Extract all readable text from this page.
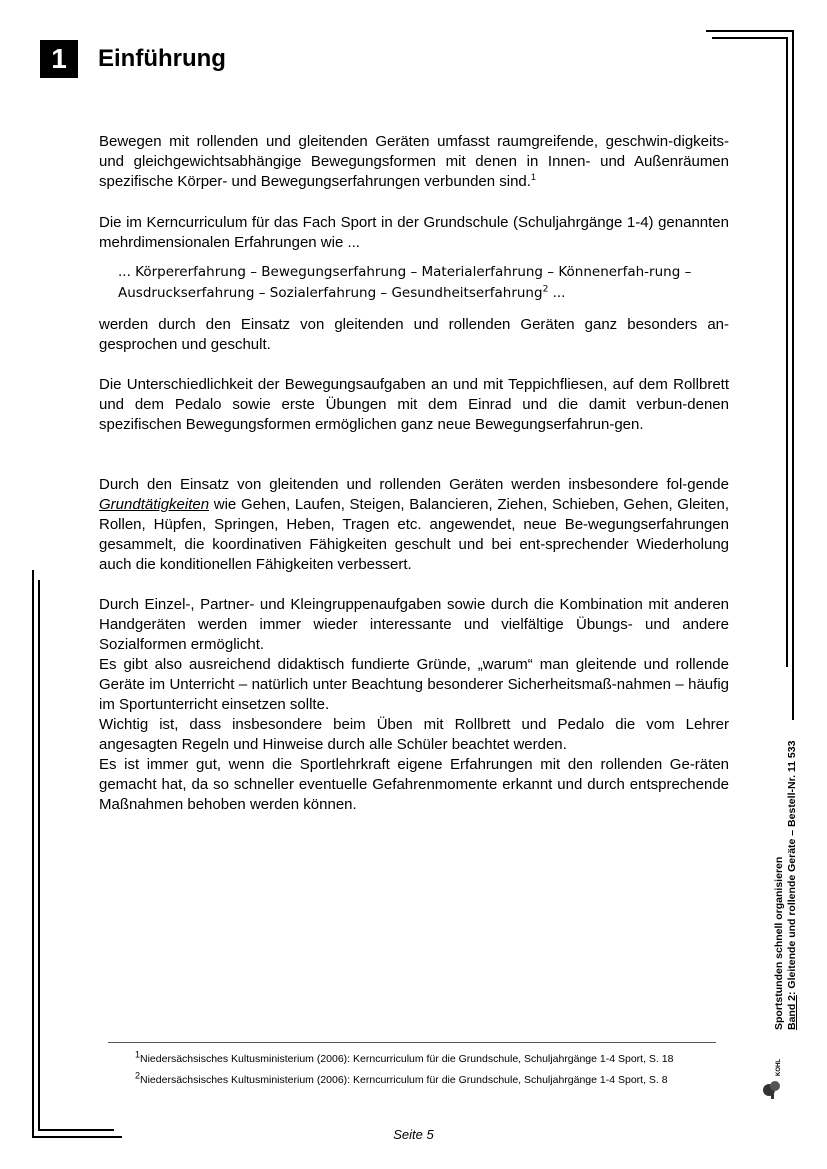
1	Einführung
Bewegen mit rollenden und gleitenden Geräten umfasst raumgreifende, geschwin-digkeits- und gleichgewichtsabhängige Bewegungsformen mit denen in Innen- und Außenräumen spezifische Körper- und Bewegungserfahrungen verbunden sind.$^1$
Die im Kerncurriculum für das Fach Sport in der Grundschule (Schuljahrgänge 1-4) genannten mehrdimensionalen Erfahrungen wie ...
... Körpererfahrung – Bewegungserfahrung – Materialerfahrung – Könnenerfah-rung – Ausdruckserfahrung – Sozialerfahrung – Gesundheitserfahrung$^2$ ...
werden durch den Einsatz von gleitenden und rollenden Geräten ganz besonders an-gesprochen und geschult.
Die Unterschiedlichkeit der Bewegungsaufgaben an und mit Teppichfliesen, auf dem Rollbrett und dem Pedalo sowie erste Übungen mit dem Einrad und die damit verbun-denen spezifischen Bewegungsformen ermöglichen ganz neue Bewegungserfahrun-gen.
Durch den Einsatz von gleitenden und rollenden Geräten werden insbesondere fol-gende Grundtätigkeiten wie Gehen, Laufen, Steigen, Balancieren, Ziehen, Schieben, Gehen, Gleiten, Rollen, Hüpfen, Springen, Heben, Tragen etc. angewendet, neue Be-wegungserfahrungen gesammelt, die koordinativen Fähigkeiten geschult und bei ent-sprechender Wiederholung auch die konditionellen Fähigkeiten verbessert.
Durch Einzel-, Partner- und Kleingruppenaufgaben sowie durch die Kombination mit anderen Handgeräten werden immer wieder interessante und vielfältige Übungs- und andere Sozialformen ermöglicht.
Es gibt also ausreichend didaktisch fundierte Gründe, „warum“ man gleitende und rollende Geräte im Unterricht – natürlich unter Beachtung besonderer Sicherheitsmaß-nahmen – häufig im Sportunterricht einsetzen sollte.
Wichtig ist, dass insbesondere beim Üben mit Rollbrett und Pedalo die vom Lehrer angesagten Regeln und Hinweise durch alle Schüler beachtet werden.
Es ist immer gut, wenn die Sportlehrkraft eigene Erfahrungen mit den rollenden Ge-räten gemacht hat, da so schneller eventuelle Gefahrenmomente erkannt und durch entsprechende Maßnahmen behoben werden können.
$^1$Niedersächsisches Kultusministerium (2006): Kerncurriculum für die Grundschule, Schuljahrgänge 1-4 Sport, S. 18
$^2$Niedersächsisches Kultusministerium (2006): Kerncurriculum für die Grundschule, Schuljahrgänge 1-4 Sport, S. 8
Seite 5
Sportstunden schnell organisieren Band 2: Gleitende und rollende Geräte – Bestell-Nr. 11 533
KOHL
